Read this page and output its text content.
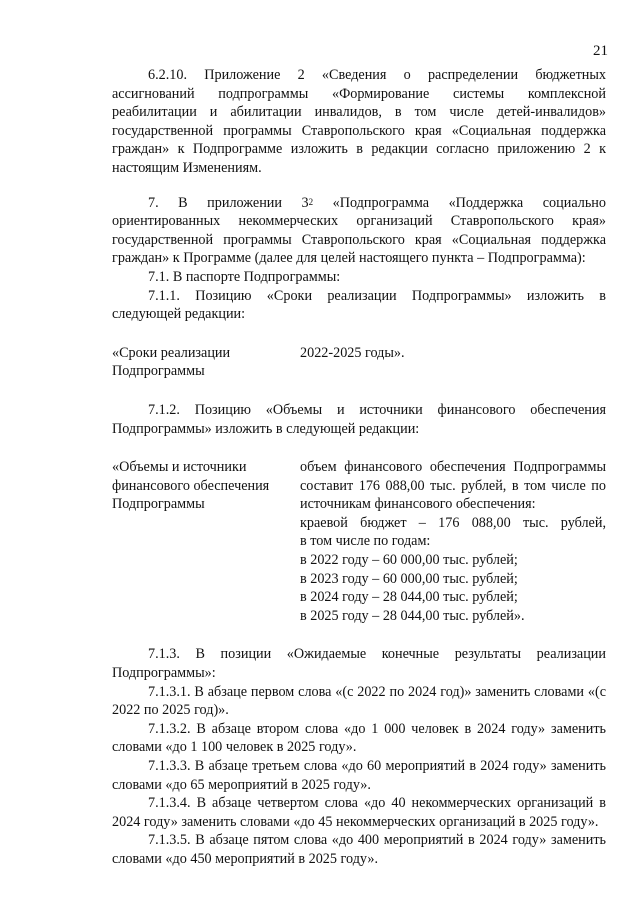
21

6.2.10. Приложение 2 «Сведения о распределении бюджетных ассигнований подпрограммы «Формирование системы комплексной реабилитации и абилитации инвалидов, в том числе детей-инвалидов» государственной программы Ставропольского края «Социальная поддержка граждан» к Подпрограмме изложить в редакции согласно приложению 2 к настоящим Изменениям.

7. В приложении $3^2$ «Подпрограмма «Поддержка социально ориентированных некоммерческих организаций Ставропольского края» государственной программы Ставропольского края «Социальная поддержка граждан» к Программе (далее для целей настоящего пункта – Подпрограмма):

7.1. В паспорте Подпрограммы:

7.1.1. Позицию «Сроки реализации Подпрограммы» изложить в следующей редакции:

«Сроки реализации
Подпрограммы
2022-2025 годы».

7.1.2. Позицию «Объемы и источники финансового обеспечения Подпрограммы» изложить в следующей редакции:

«Объемы и источники
финансового обеспечения
Подпрограммы
объем финансового обеспечения Подпрограммы составит 176 088,00 тыс. рублей, в том числе по источникам финансового обеспечения:
краевой бюджет – 176 088,00 тыс. рублей,
в том числе по годам:
в 2022 году – 60 000,00 тыс. рублей;
в 2023 году – 60 000,00 тыс. рублей;
в 2024 году – 28 044,00 тыс. рублей;
в 2025 году – 28 044,00 тыс. рублей».

7.1.3. В позиции «Ожидаемые конечные результаты реализации Подпрограммы»:

7.1.3.1. В абзаце первом слова «(с 2022 по 2024 год)» заменить словами «(с 2022 по 2025 год)».

7.1.3.2. В абзаце втором слова «до 1 000 человек в 2024 году» заменить словами «до 1 100 человек в 2025 году».

7.1.3.3. В абзаце третьем слова «до 60 мероприятий в 2024 году» заменить словами «до 65 мероприятий в 2025 году».

7.1.3.4. В абзаце четвертом слова «до 40 некоммерческих организаций в 2024 году» заменить словами «до 45 некоммерческих организаций в 2025 году».

7.1.3.5. В абзаце пятом слова «до 400 мероприятий в 2024 году» заменить словами «до 450 мероприятий в 2025 году».
